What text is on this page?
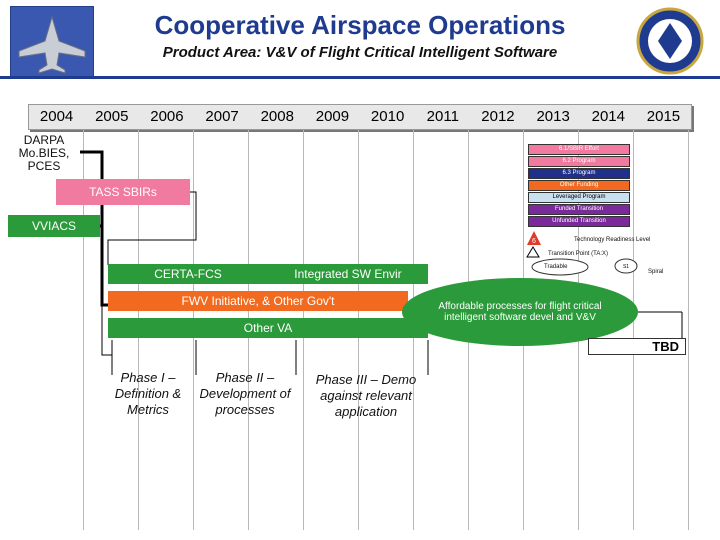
Cooperative Airspace Operations
Product Area: V&V of Flight Critical Intelligent Software
2004	2005	2006	2007	2008	2009	2010	2011	2012	2013	2014	2015
DARPA Mo.BIES, PCES
TASS SBIRs
VVIACS
6.1/SBIR Effort
6.2 Program
6.3 Program
Other Funding
Leveraged Program
Funded Transition
Unfunded Transition
6	Technology Readiness Level
Transition Point (TA:X)
Tradable	S1
Spiral
CERTA-FCS	Integrated SW Envir
FWV Initiative, & Other Gov't
Other VA
Affordable processes for flight critical intelligent software devel and V&V
TBD
Phase I – Definition & Metrics
Phase II – Development of processes
Phase III – Demo against relevant application
